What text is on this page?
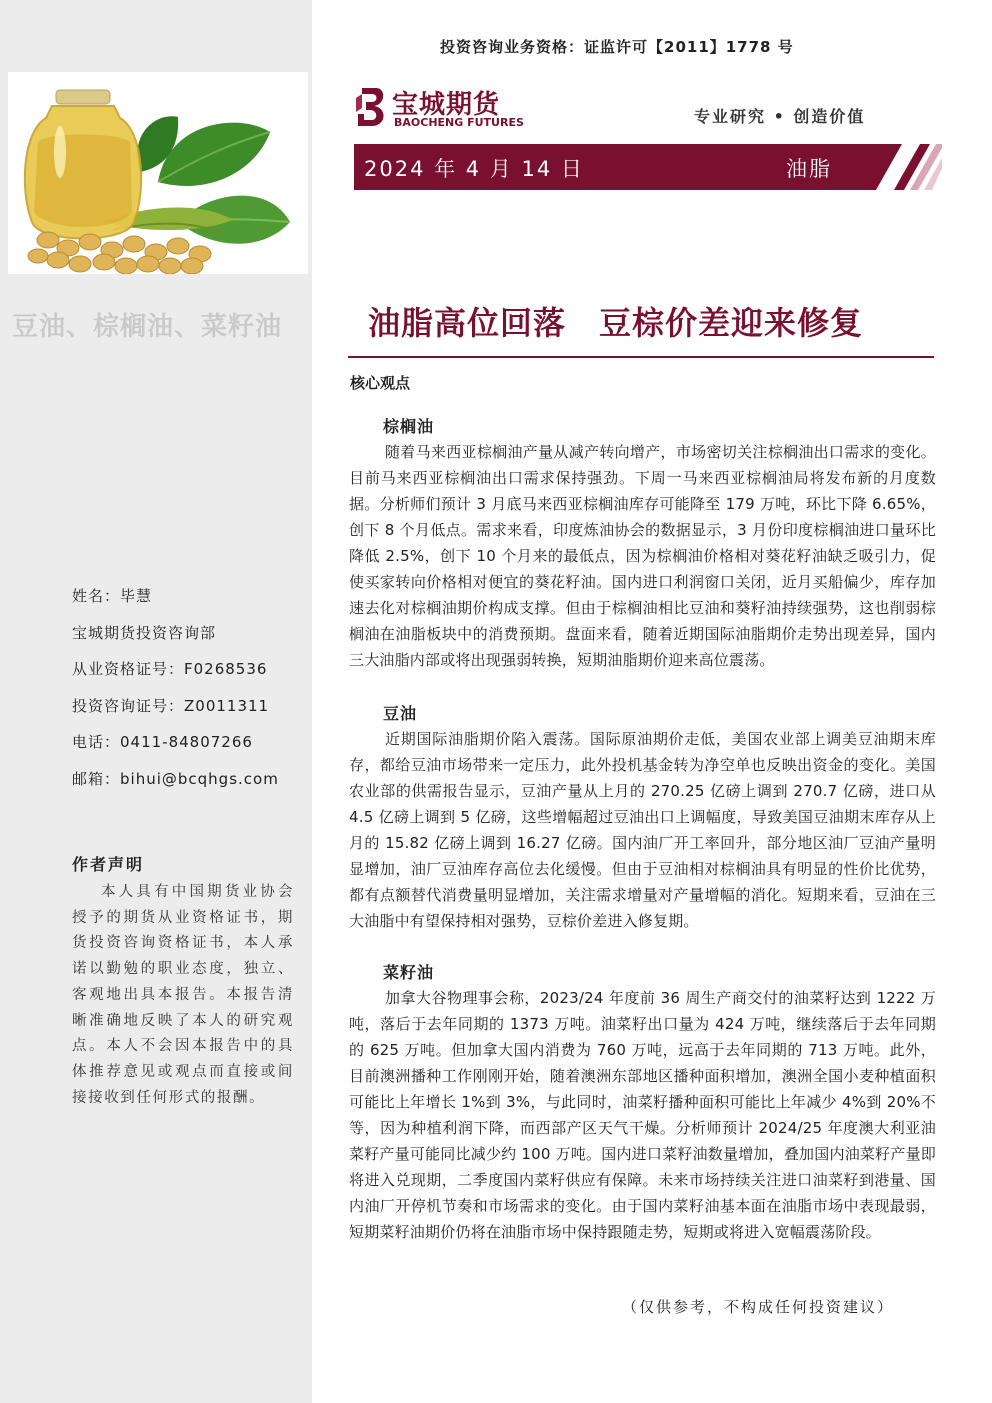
豆油、棕榈油、菜籽油
姓名：毕慧
宝城期货投资咨询部
从业资格证号：F0268536
投资咨询证号：Z0011311
电话：0411-84807266
邮箱：bihui@bcqhgs.com
作者声明
本人具有中国期货业协会授予的期货从业资格证书，期货投资咨询资格证书，本人承诺以勤勉的职业态度，独立、客观地出具本报告。本报告清晰准确地反映了本人的研究观点。本人不会因本报告中的具体推荐意见或观点而直接或间接接收到任何形式的报酬。
投资咨询业务资格：证监许可【2011】1778 号
宝城期货
BAOCHENG FUTURES	专业研究 • 创造价值
2024 年 4 月 14 日	油脂
油脂高位回落　豆棕价差迎来修复
核心观点
棕榈油
随着马来西亚棕榈油产量从减产转向增产，市场密切关注棕榈油出口需求的变化。目前马来西亚棕榈油出口需求保持强劲。下周一马来西亚棕榈油局将发布新的月度数据。分析师们预计 3 月底马来西亚棕榈油库存可能降至 179 万吨，环比下降 6.65%，创下 8 个月低点。需求来看，印度炼油协会的数据显示，3 月份印度棕榈油进口量环比降低 2.5%，创下 10 个月来的最低点，因为棕榈油价格相对葵花籽油缺乏吸引力，促使买家转向价格相对便宜的葵花籽油。国内进口利润窗口关闭，近月买船偏少，库存加速去化对棕榈油期价构成支撑。但由于棕榈油相比豆油和葵籽油持续强势，这也削弱棕榈油在油脂板块中的消费预期。盘面来看，随着近期国际油脂期价走势出现差异，国内三大油脂内部或将出现强弱转换，短期油脂期价迎来高位震荡。
豆油
近期国际油脂期价陷入震荡。国际原油期价走低，美国农业部上调美豆油期末库存，都给豆油市场带来一定压力，此外投机基金转为净空单也反映出资金的变化。美国农业部的供需报告显示，豆油产量从上月的 270.25 亿磅上调到 270.7 亿磅，进口从 4.5 亿磅上调到 5 亿磅，这些增幅超过豆油出口上调幅度，导致美国豆油期末库存从上月的 15.82 亿磅上调到 16.27 亿磅。国内油厂开工率回升，部分地区油厂豆油产量明显增加，油厂豆油库存高位去化缓慢。但由于豆油相对棕榈油具有明显的性价比优势，都有点额替代消费量明显增加，关注需求增量对产量增幅的消化。短期来看，豆油在三大油脂中有望保持相对强势，豆棕价差进入修复期。
菜籽油
加拿大谷物理事会称，2023/24 年度前 36 周生产商交付的油菜籽达到 1222 万吨，落后于去年同期的 1373 万吨。油菜籽出口量为 424 万吨，继续落后于去年同期的 625 万吨。但加拿大国内消费为 760 万吨，远高于去年同期的 713 万吨。此外，目前澳洲播种工作刚刚开始，随着澳洲东部地区播种面积增加，澳洲全国小麦种植面积可能比上年增长 1%到 3%，与此同时，油菜籽播种面积可能比上年减少 4%到 20%不等，因为种植利润下降，而西部产区天气干燥。分析师预计 2024/25 年度澳大利亚油菜籽产量可能同比减少约 100 万吨。国内进口菜籽油数量增加，叠加国内油菜籽产量即将进入兑现期，二季度国内菜籽供应有保障。未来市场持续关注进口油菜籽到港量、国内油厂开停机节奏和市场需求的变化。由于国内菜籽油基本面在油脂市场中表现最弱，短期菜籽油期价仍将在油脂市场中保持跟随走势，短期或将进入宽幅震荡阶段。
（仅供参考，不构成任何投资建议）
